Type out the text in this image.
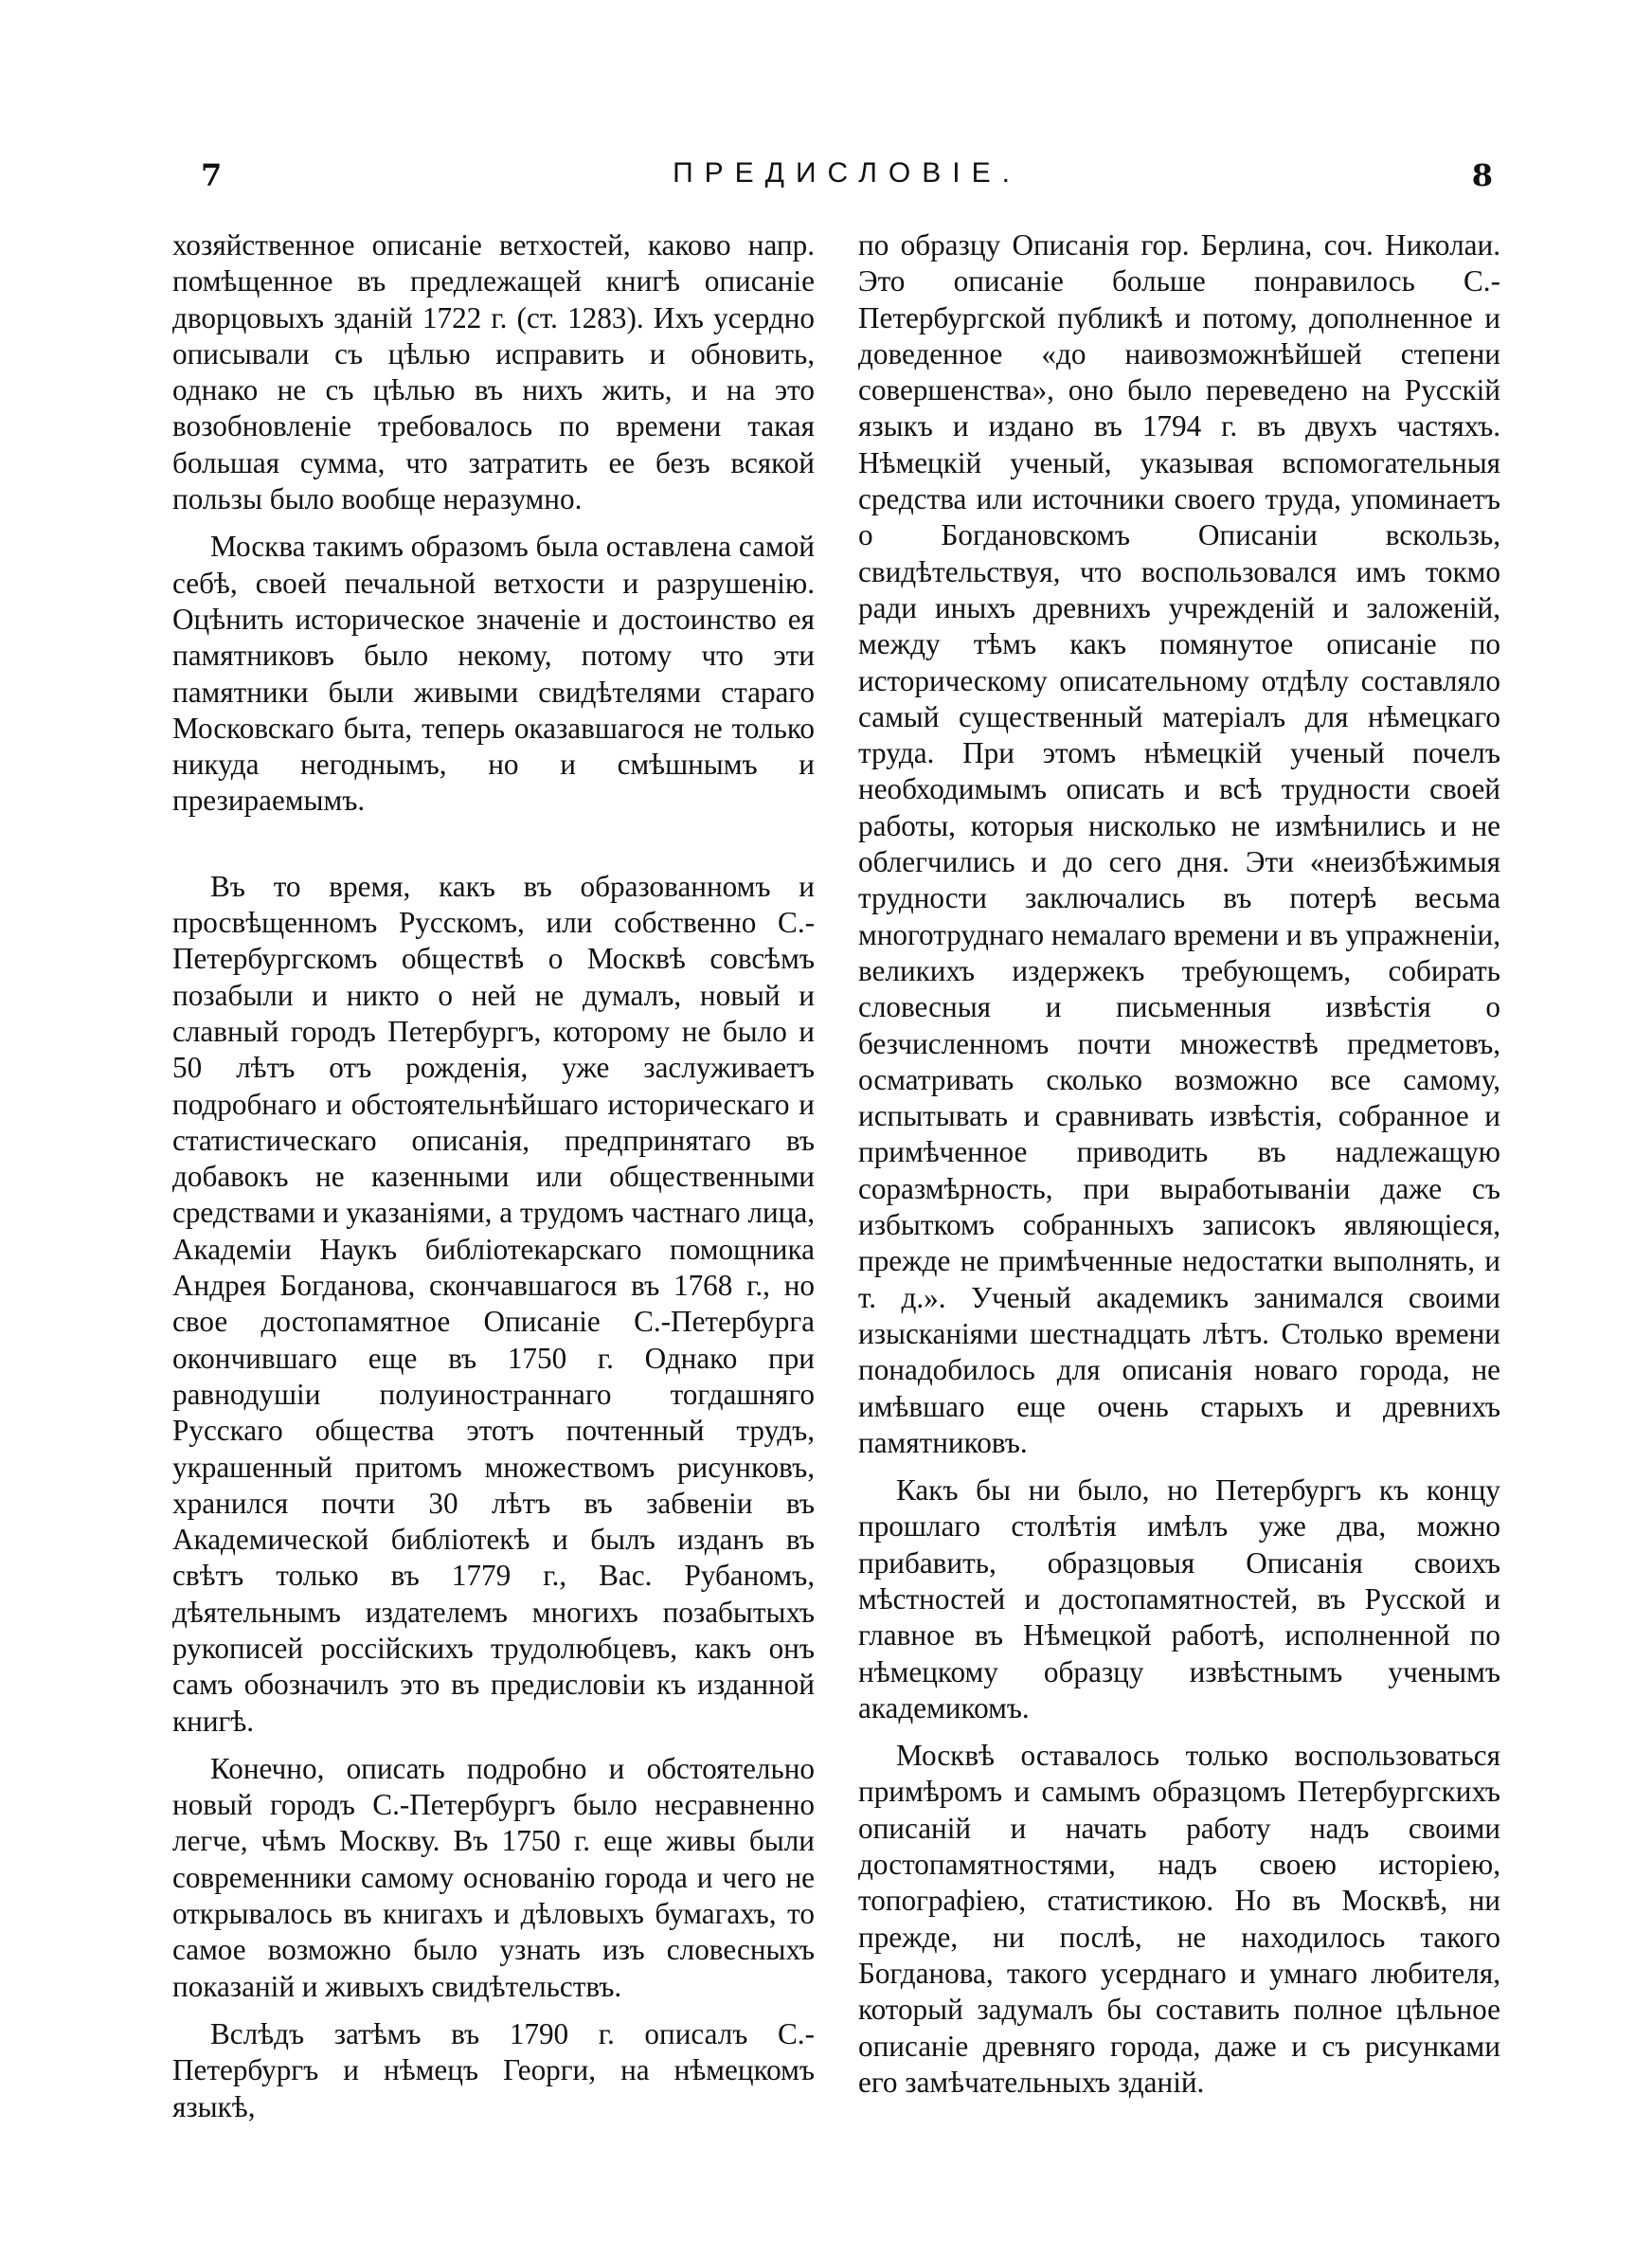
7	ПРЕДИСЛОВІЕ.	8

хозяйственное описаніе ветхостей, каково напр. помѣщенное въ предлежащей книгѣ описаніе дворцовыхъ зданій 1722 г. (ст. 1283). Ихъ усердно описывали съ цѣлью исправить и обновить, однако не съ цѣлью въ нихъ жить, и на это возобновленіе требовалось по времени такая большая сумма, что затратить ее безъ всякой пользы было вообще неразумно.

Москва такимъ образомъ была оставлена самой себѣ, своей печальной ветхости и разрушенію. Оцѣнить историческое значеніе и достоинство ея памятниковъ было некому, потому что эти памятники были живыми свидѣтелями стараго Московскаго быта, теперь оказавшагося не только никуда негоднымъ, но и смѣшнымъ и презираемымъ.

Въ то время, какъ въ образованномъ и просвѣщенномъ Русскомъ, или собственно С.-Петербургскомъ обществѣ о Москвѣ совсѣмъ позабыли и никто о ней не думалъ, новый и славный городъ Петербургъ, которому не было и 50 лѣтъ отъ рожденія, уже заслуживаетъ подробнаго и обстоятельнѣйшаго историческаго и статистическаго описанія, предпринятаго въ добавокъ не казенными или общественными средствами и указаніями, а трудомъ частнаго лица, Академіи Наукъ библіотекарскаго помощника Андрея Богданова, скончавшагося въ 1768 г., но свое достопамятное Описаніе С.-Петербурга окончившаго еще въ 1750 г. Однако при равнодушіи полуиностраннаго тогдашняго Русскаго общества этотъ почтенный трудъ, украшенный притомъ множествомъ рисунковъ, хранился почти 30 лѣтъ въ забвеніи въ Академической библіотекѣ и былъ изданъ въ свѣтъ только въ 1779 г., Вас. Рубаномъ, дѣятельнымъ издателемъ многихъ позабытыхъ рукописей россійскихъ трудолюбцевъ, какъ онъ самъ обозначилъ это въ предисловіи къ изданной книгѣ.

Конечно, описать подробно и обстоятельно новый городъ С.-Петербургъ было несравненно легче, чѣмъ Москву. Въ 1750 г. еще живы были современники самому основанію города и чего не открывалось въ книгахъ и дѣловыхъ бумагахъ, то самое возможно было узнать изъ словесныхъ показаній и живыхъ свидѣтельствъ.

Вслѣдъ затѣмъ въ 1790 г. описалъ С.-Петербургъ и нѣмецъ Георги, на нѣмецкомъ языкѣ,

по образцу Описанія гор. Берлина, соч. Николаи. Это описаніе больше понравилось С.-Петербургской публикѣ и потому, дополненное и доведенное «до наивозможнѣйшей степени совершенства», оно было переведено на Русскій языкъ и издано въ 1794 г. въ двухъ частяхъ. Нѣмецкій ученый, указывая вспомогательныя средства или источники своего труда, упоминаетъ о Богдановскомъ Описаніи вскользь, свидѣтельствуя, что воспользовался имъ токмо ради иныхъ древнихъ учрежденій и заложеній, между тѣмъ какъ помянутое описаніе по историческому описательному отдѣлу составляло самый существенный матеріалъ для нѣмецкаго труда. При этомъ нѣмецкій ученый почелъ необходимымъ описать и всѣ трудности своей работы, которыя нисколько не измѣнились и не облегчились и до сего дня. Эти «неизбѣжимыя трудности заключались въ потерѣ весьма многотруднаго немалаго времени и въ упражненіи, великихъ издержекъ требующемъ, собирать словесныя и письменныя извѣстія о безчисленномъ почти множествѣ предметовъ, осматривать сколько возможно все самому, испытывать и сравнивать извѣстія, собранное и примѣченное приводить въ надлежащую соразмѣрность, при выработываніи даже съ избыткомъ собранныхъ записокъ являющіеся, прежде не примѣченные недостатки выполнять, и т. д.». Ученый академикъ занимался своими изысканіями шестнадцать лѣтъ. Столько времени понадобилось для описанія новаго города, не имѣвшаго еще очень старыхъ и древнихъ памятниковъ.

Какъ бы ни было, но Петербургъ къ концу прошлаго столѣтія имѣлъ уже два, можно прибавить, образцовыя Описанія своихъ мѣстностей и достопамятностей, въ Русской и главное въ Нѣмецкой работѣ, исполненной по нѣмецкому образцу извѣстнымъ ученымъ академикомъ.

Москвѣ оставалось только воспользоваться примѣромъ и самымъ образцомъ Петербургскихъ описаній и начать работу надъ своими достопамятностями, надъ своею исторіею, топографіею, статистикою. Но въ Москвѣ, ни прежде, ни послѣ, не находилось такого Богданова, такого усерднаго и умнаго любителя, который задумалъ бы составить полное цѣльное описаніе древняго города, даже и съ рисунками его замѣчательныхъ зданій.
